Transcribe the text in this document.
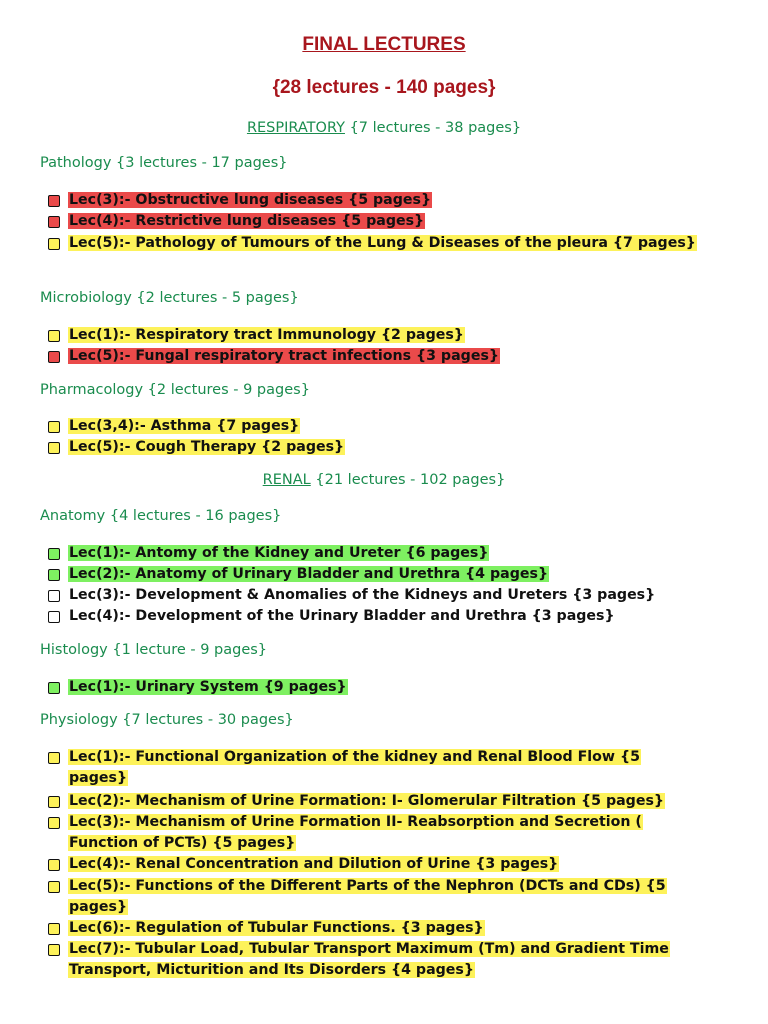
FINAL LECTURES
{28 lectures - 140 pages}
RESPIRATORY {7 lectures - 38 pages}
Pathology {3 lectures - 17 pages}
Lec(3):- Obstructive lung diseases {5 pages}
Lec(4):- Restrictive lung diseases {5 pages}
Lec(5):- Pathology of Tumours of the Lung & Diseases of the pleura {7 pages}
Microbiology {2 lectures - 5 pages}
Lec(1):- Respiratory tract Immunology {2 pages}
Lec(5):- Fungal respiratory tract infections {3 pages}
Pharmacology {2 lectures - 9 pages}
Lec(3,4):- Asthma {7 pages}
Lec(5):- Cough Therapy {2 pages}
RENAL {21 lectures - 102 pages}
Anatomy {4 lectures - 16 pages}
Lec(1):- Antomy of the Kidney and Ureter {6 pages}
Lec(2):- Anatomy of Urinary Bladder and Urethra {4 pages}
Lec(3):- Development & Anomalies of the Kidneys and Ureters {3 pages}
Lec(4):- Development of the Urinary Bladder and Urethra {3 pages}
Histology {1 lecture - 9 pages}
Lec(1):- Urinary System {9 pages}
Physiology {7 lectures - 30 pages}
Lec(1):- Functional Organization of the kidney and Renal Blood Flow {5 pages}
Lec(2):- Mechanism of Urine Formation: I- Glomerular Filtration {5 pages}
Lec(3):- Mechanism of Urine Formation II- Reabsorption and Secretion ( Function of PCTs) {5 pages}
Lec(4):- Renal Concentration and Dilution of Urine {3 pages}
Lec(5):- Functions of the Different Parts of the Nephron (DCTs and CDs) {5 pages}
Lec(6):- Regulation of Tubular Functions. {3 pages}
Lec(7):- Tubular Load, Tubular Transport Maximum (Tm) and Gradient Time Transport, Micturition and Its Disorders {4 pages}
